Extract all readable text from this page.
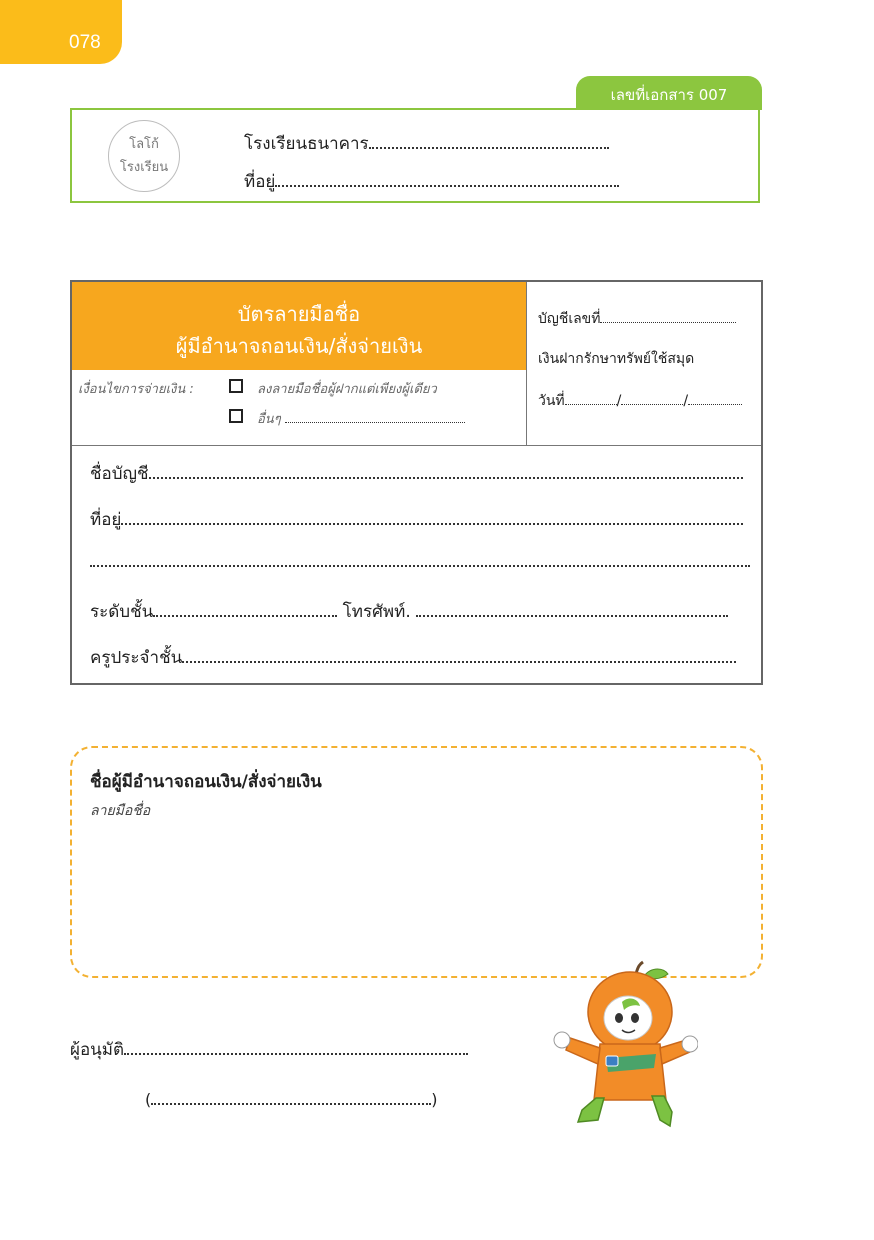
078
เลขที่เอกสาร 007
โลโก้
โรงเรียน
โรงเรียนธนาคาร
ที่อยู่
บัตรลายมือชื่อ
ผู้มีอำนาจถอนเงิน/สั่งจ่ายเงิน
เงื่อนไขการจ่ายเงิน :	ลงลายมือชื่อผู้ฝากแต่เพียงผู้เดียว
อื่นๆ
บัญชีเลขที่
เงินฝากรักษาทรัพย์ใช้สมุด
วันที่	/	/
ชื่อบัญชี
ที่อยู่
ระดับชั้น	โทรศัพท์.
ครูประจำชั้น
ชื่อผู้มีอำนาจถอนเงิน/สั่งจ่ายเงิน
ลายมือชื่อ
ผู้อนุมัติ
(	)
